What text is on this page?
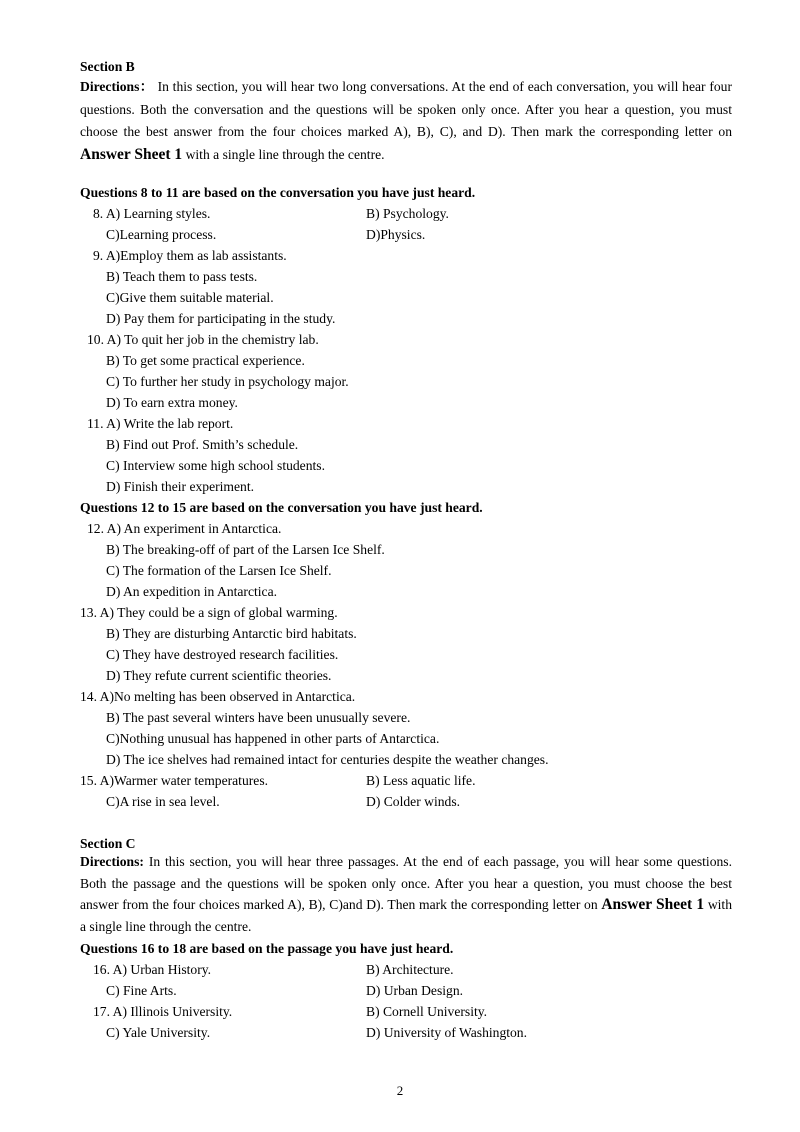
Section B
Directions： In this section, you will hear two long conversations. At the end of each conversation, you will hear four questions. Both the conversation and the questions will be spoken only once. After you hear a question, you must choose the best answer from the four choices marked A), B), C), and D). Then mark the corresponding letter on Answer Sheet 1 with a single line through the centre.
Questions 8 to 11 are based on the conversation you have just heard.
8. A) Learning styles.	B) Psychology.
C)Learning process.	D)Physics.
9. A)Employ them as lab assistants.
B) Teach them to pass tests.
C)Give them suitable material.
D) Pay them for participating in the study.
10. A) To quit her job in the chemistry lab.
B) To get some practical experience.
C) To further her study in psychology major.
D) To earn extra money.
11. A) Write the lab report.
B) Find out Prof. Smith’s schedule.
C) Interview some high school students.
D) Finish their experiment.
Questions 12 to 15 are based on the conversation you have just heard.
12. A) An experiment in Antarctica.
B) The breaking-off of part of the Larsen Ice Shelf.
C) The formation of the Larsen Ice Shelf.
D) An expedition in Antarctica.
13. A) They could be a sign of global warming.
B) They are disturbing Antarctic bird habitats.
C) They have destroyed research facilities.
D) They refute current scientific theories.
14. A)No melting has been observed in Antarctica.
B) The past several winters have been unusually severe.
C)Nothing unusual has happened in other parts of Antarctica.
D) The ice shelves had remained intact for centuries despite the weather changes.
15. A)Warmer water temperatures.	B) Less aquatic life.
C)A rise in sea level.	D) Colder winds.
Section C
Directions: In this section, you will hear three passages. At the end of each passage, you will hear some questions. Both the passage and the questions will be spoken only once. After you hear a question, you must choose the best answer from the four choices marked A), B), C)and D). Then mark the corresponding letter on Answer Sheet 1 with a single line through the centre.
Questions 16 to 18 are based on the passage you have just heard.
16. A) Urban History.	B) Architecture.
C) Fine Arts.	D) Urban Design.
17. A) Illinois University.	B) Cornell University.
C) Yale University.	D) University of Washington.
2
